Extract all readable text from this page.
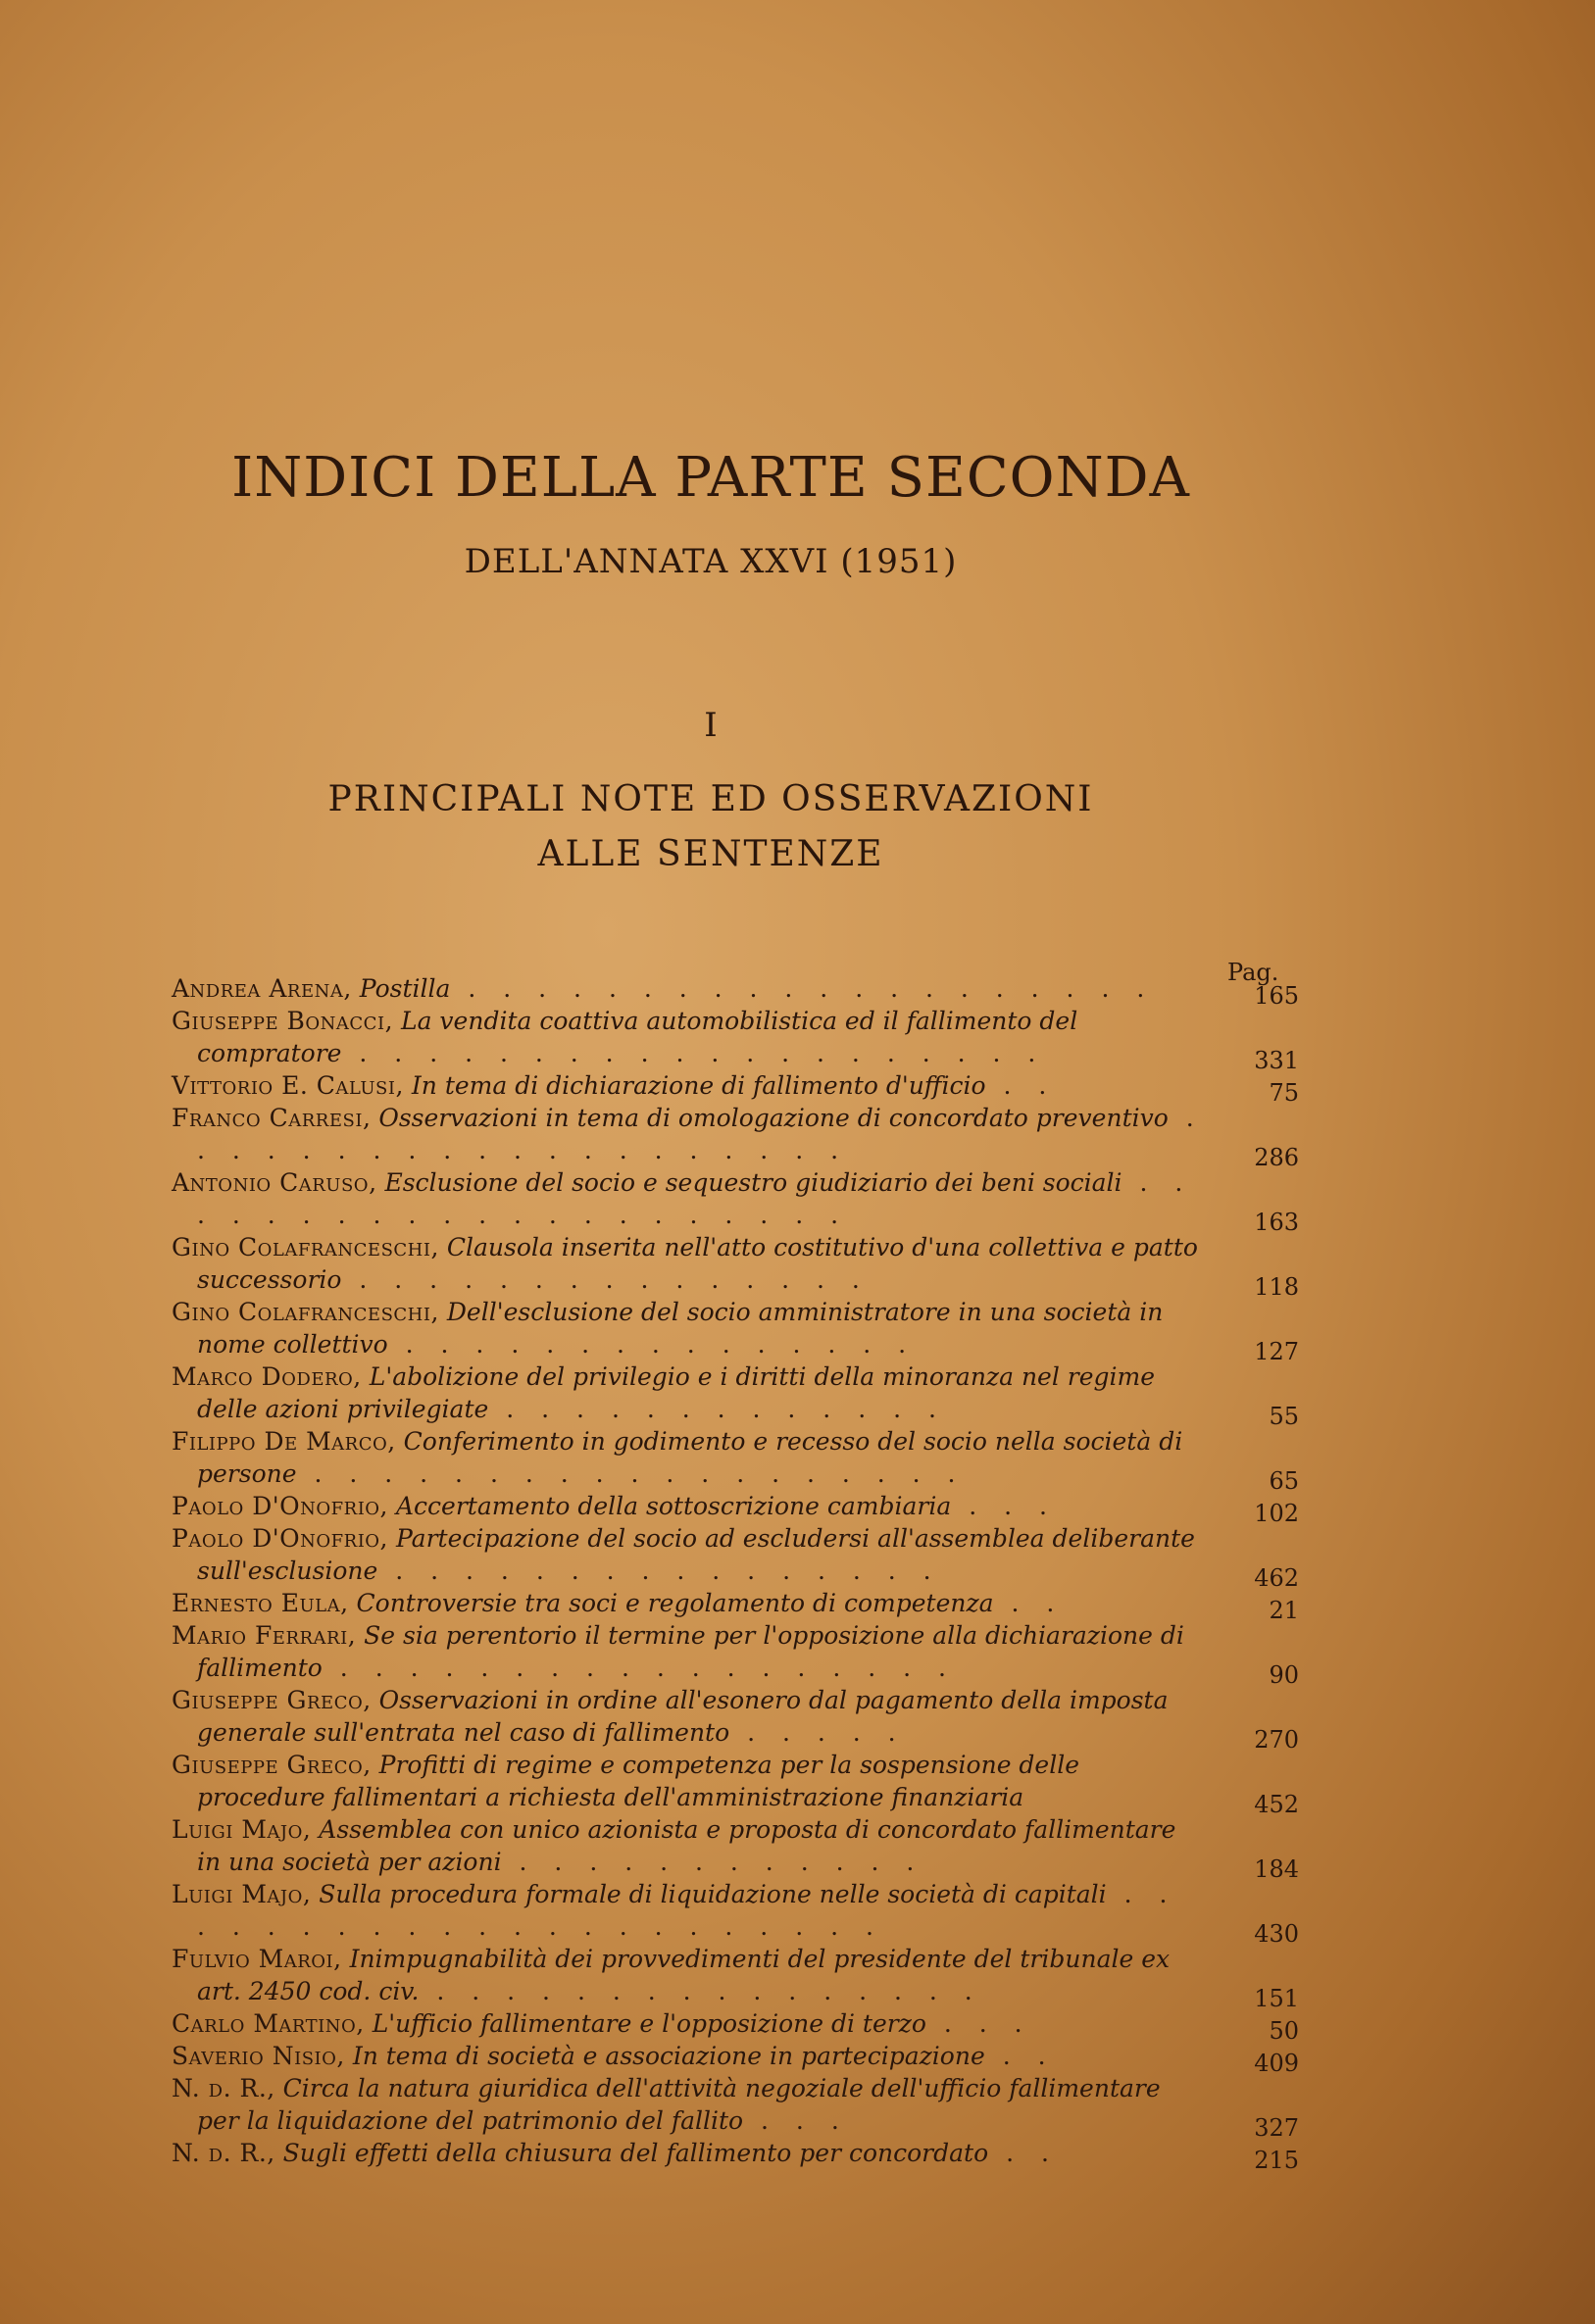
INDICI DELLA PARTE SECONDA
DELL'ANNATA XXVI (1951)
I
PRINCIPALI NOTE ED OSSERVAZIONI
ALLE SENTENZE
Pag.
Andrea Arena, Postilla . . . . . . . . . . . . . . . . . . . .	165
Giuseppe Bonacci, La vendita coattiva automobilistica ed il fallimento del compratore . . . . . . . . . . . . . . . . . . . .	331
Vittorio E. Calusi, In tema di dichiarazione di fallimento d'ufficio . .	75
Franco Carresi, Osservazioni in tema di omologazione di concordato preventivo . . . . . . . . . . . . . . . . . . . .	286
Antonio Caruso, Esclusione del socio e sequestro giudiziario dei beni sociali . . . . . . . . . . . . . . . . . . . . .	163
Gino Colafranceschi, Clausola inserita nell'atto costitutivo d'una collettiva e patto successorio . . . . . . . . . . . . . . .	118
Gino Colafranceschi, Dell'esclusione del socio amministratore in una società in nome collettivo . . . . . . . . . . . . . . .	127
Marco Dodero, L'abolizione del privilegio e i diritti della minoranza nel regime delle azioni privilegiate . . . . . . . . . . . . .	55
Filippo De Marco, Conferimento in godimento e recesso del socio nella società di persone . . . . . . . . . . . . . . . . . . .	65
Paolo D'Onofrio, Accertamento della sottoscrizione cambiaria . . .	102
Paolo D'Onofrio, Partecipazione del socio ad escludersi all'assemblea deliberante sull'esclusione . . . . . . . . . . . . . . . .	462
Ernesto Eula, Controversie tra soci e regolamento di competenza . .	21
Mario Ferrari, Se sia perentorio il termine per l'opposizione alla dichiarazione di fallimento . . . . . . . . . . . . . . . . . .	90
Giuseppe Greco, Osservazioni in ordine all'esonero dal pagamento della imposta generale sull'entrata nel caso di fallimento . . . . .	270
Giuseppe Greco, Profitti di regime e competenza per la sospensione delle procedure fallimentari a richiesta dell'amministrazione finanziaria	452
Luigi Majo, Assemblea con unico azionista e proposta di concordato fallimentare in una società per azioni . . . . . . . . . . . .	184
Luigi Majo, Sulla procedura formale di liquidazione nelle società di capitali . . . . . . . . . . . . . . . . . . . . . .	430
Fulvio Maroi, Inimpugnabilità dei provvedimenti del presidente del tribunale ex art. 2450 cod. civ. . . . . . . . . . . . . . . . .	151
Carlo Martino, L'ufficio fallimentare e l'opposizione di terzo . . .	50
Saverio Nisio, In tema di società e associazione in partecipazione . .	409
N. d. R., Circa la natura giuridica dell'attività negoziale dell'ufficio fallimentare per la liquidazione del patrimonio del fallito . . .	327
N. d. R., Sugli effetti della chiusura del fallimento per concordato . .	215
